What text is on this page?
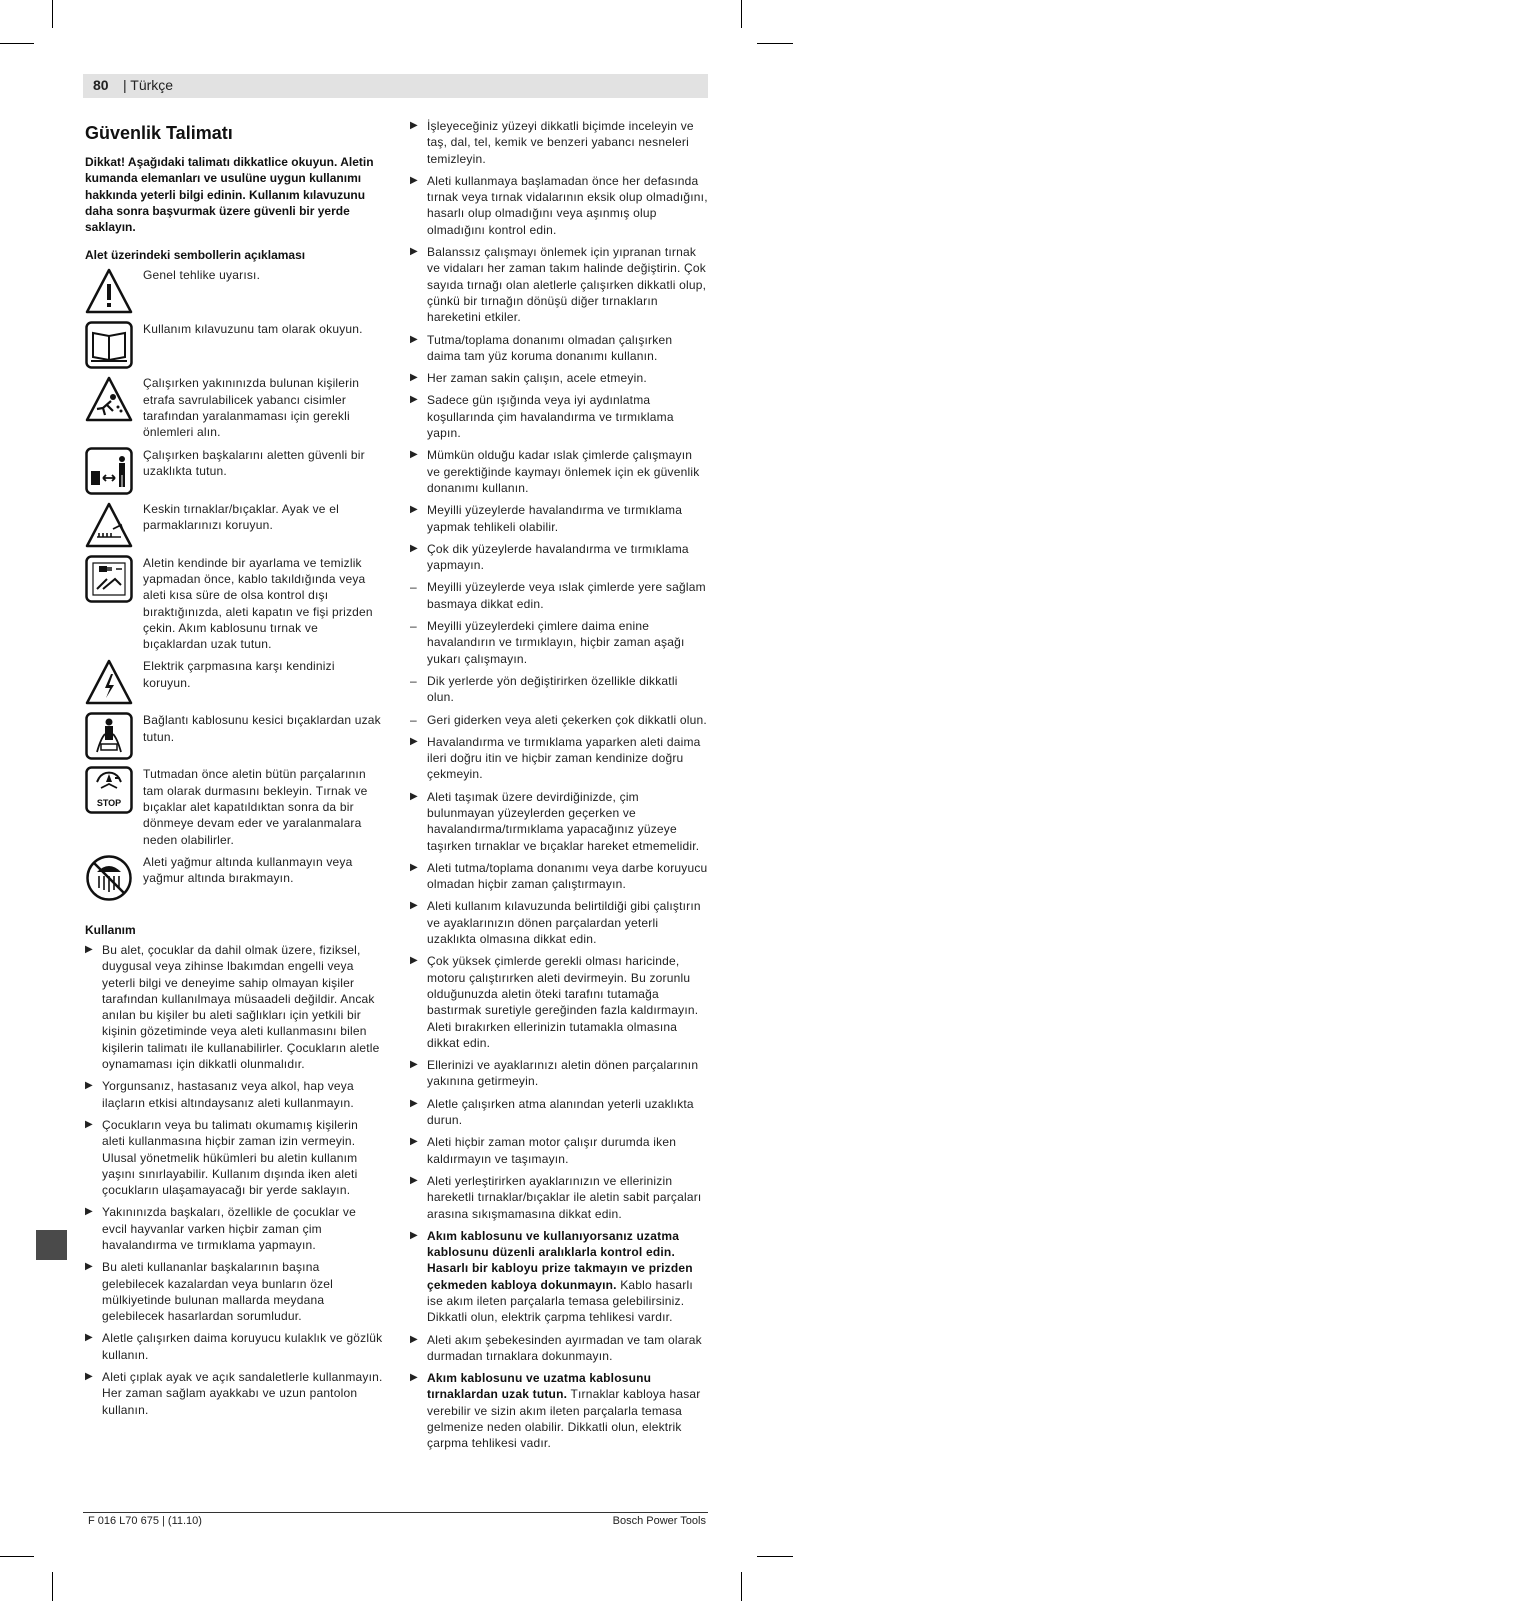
80 | Türkçe
Güvenlik Talimatı

Dikkat! Aşağıdaki talimatı dikkatlice okuyun. Aletin kumanda elemanları ve usulüne uygun kullanımı hakkında yeterli bilgi edinin. Kullanım kılavuzunu daha sonra başvurmak üzere güvenli bir yerde saklayın.

Alet üzerindeki sembollerin açıklaması
Genel tehlike uyarısı.
Kullanım kılavuzunu tam olarak okuyun.
Çalışırken yakınınızda bulunan kişilerin etrafa savrulabilicek yabancı cisimler tarafından yaralanmaması için gerekli önlemleri alın.
Çalışırken başkalarını aletten güvenli bir uzaklıkta tutun.
Keskin tırnaklar/bıçaklar. Ayak ve el parmaklarınızı koruyun.
Aletin kendinde bir ayarlama ve temizlik yapmadan önce, kablo takıldığında veya aleti kısa süre de olsa kontrol dışı bıraktığınızda, aleti kapatın ve fişi prizden çekin. Akım kablosunu tırnak ve bıçaklardan uzak tutun.
Elektrik çarpmasına karşı kendinizi koruyun.
Bağlantı kablosunu kesici bıçaklardan uzak tutun.
STOP
Tutmadan önce aletin bütün parçalarının tam olarak durmasını bekleyin. Tırnak ve bıçaklar alet kapatıldıktan sonra da bir dönmeye devam eder ve yaralanmalara neden olabilirler.
Aleti yağmur altında kullanmayın veya yağmur altında bırakmayın.
Kullanım
▶ Bu alet, çocuklar da dahil olmak üzere, fiziksel, duygusal veya zihinse lbakımdan engelli veya yeterli bilgi ve deneyime sahip olmayan kişiler tarafından kullanılmaya müsaadeli değildir. Ancak anılan bu kişiler bu aleti sağlıkları için yetkili bir kişinin gözetiminde veya aleti kullanmasını bilen kişilerin talimatı ile kullanabilirler. Çocukların aletle oynamaması için dikkatli olunmalıdır.
▶ Yorgunsanız, hastasanız veya alkol, hap veya ilaçların etkisi altındaysanız aleti kullanmayın.
▶ Çocukların veya bu talimatı okumamış kişilerin aleti kullanmasına hiçbir zaman izin vermeyin. Ulusal yönetmelik hükümleri bu aletin kullanım yaşını sınırlayabilir. Kullanım dışında iken aleti çocukların ulaşamayacağı bir yerde saklayın.
▶ Yakınınızda başkaları, özellikle de çocuklar ve evcil hayvanlar varken hiçbir zaman çim havalandırma ve tırmıklama yapmayın.
▶ Bu aleti kullananlar başkalarının başına gelebilecek kazalardan veya bunların özel mülkiyetinde bulunan mallarda meydana gelebilecek hasarlardan sorumludur.
▶ Aletle çalışırken daima koruyucu kulaklık ve gözlük kullanın.
▶ Aleti çıplak ayak ve açık sandaletlerle kullanmayın. Her zaman sağlam ayakkabı ve uzun pantolon kullanın.
▶ İşleyeceğiniz yüzeyi dikkatli biçimde inceleyin ve taş, dal, tel, kemik ve benzeri yabancı nesneleri temizleyin.
▶ Aleti kullanmaya başlamadan önce her defasında tırnak veya tırnak vidalarının eksik olup olmadığını, hasarlı olup olmadığını veya aşınmış olup olmadığını kontrol edin.
▶ Balanssız çalışmayı önlemek için yıpranan tırnak ve vidaları her zaman takım halinde değiştirin. Çok sayıda tırnağı olan aletlerle çalışırken dikkatli olup, çünkü bir tırnağın dönüşü diğer tırnakların hareketini etkiler.
▶ Tutma/toplama donanımı olmadan çalışırken daima tam yüz koruma donanımı kullanın.
▶ Her zaman sakin çalışın, acele etmeyin.
▶ Sadece gün ışığında veya iyi aydınlatma koşullarında çim havalandırma ve tırmıklama yapın.
▶ Mümkün olduğu kadar ıslak çimlerde çalışmayın ve gerektiğinde kaymayı önlemek için ek güvenlik donanımı kullanın.
▶ Meyilli yüzeylerde havalandırma ve tırmıklama yapmak tehlikeli olabilir.
▶ Çok dik yüzeylerde havalandırma ve tırmıklama yapmayın.
– Meyilli yüzeylerde veya ıslak çimlerde yere sağlam basmaya dikkat edin.
– Meyilli yüzeylerdeki çimlere daima enine havalandırın ve tırmıklayın, hiçbir zaman aşağı yukarı çalışmayın.
– Dik yerlerde yön değiştirirken özellikle dikkatli olun.
– Geri giderken veya aleti çekerken çok dikkatli olun.
▶ Havalandırma ve tırmıklama yaparken aleti daima ileri doğru itin ve hiçbir zaman kendinize doğru çekmeyin.
▶ Aleti taşımak üzere devirdiğinizde, çim bulunmayan yüzeylerden geçerken ve havalandırma/tırmıklama yapacağınız yüzeye taşırken tırnaklar ve bıçaklar hareket etmemelidir.
▶ Aleti tutma/toplama donanımı veya darbe koruyucu olmadan hiçbir zaman çalıştırmayın.
▶ Aleti kullanım kılavuzunda belirtildiği gibi çalıştırın ve ayaklarınızın dönen parçalardan yeterli uzaklıkta olmasına dikkat edin.
▶ Çok yüksek çimlerde gerekli olması haricinde, motoru çalıştırırken aleti devirmeyin. Bu zorunlu olduğunuzda aletin öteki tarafını tutamağa bastırmak suretiyle gereğinden fazla kaldırmayın. Aleti bırakırken ellerinizin tutamakla olmasına dikkat edin.
▶ Ellerinizi ve ayaklarınızı aletin dönen parçalarının yakınına getirmeyin.
▶ Aletle çalışırken atma alanından yeterli uzaklıkta durun.
▶ Aleti hiçbir zaman motor çalışır durumda iken kaldırmayın ve taşımayın.
▶ Aleti yerleştirirken ayaklarınızın ve ellerinizin hareketli tırnaklar/bıçaklar ile aletin sabit parçaları arasına sıkışmamasına dikkat edin.
▶ Akım kablosunu ve kullanıyorsanız uzatma kablosunu düzenli aralıklarla kontrol edin. Hasarlı bir kabloyu prize takmayın ve prizden çekmeden kabloya dokunmayın. Kablo hasarlı ise akım ileten parçalarla temasa gelebilirsiniz. Dikkatli olun, elektrik çarpma tehlikesi vardır.
▶ Aleti akım şebekesinden ayırmadan ve tam olarak durmadan tırnaklara dokunmayın.
▶ Akım kablosunu ve uzatma kablosunu tırnaklardan uzak tutun. Tırnaklar kabloya hasar verebilir ve sizin akım ileten parçalarla temasa gelmenize neden olabilir. Dikkatli olun, elektrik çarpma tehlikesi vadır.
F 016 L70 675 | (11.10)	Bosch Power Tools
